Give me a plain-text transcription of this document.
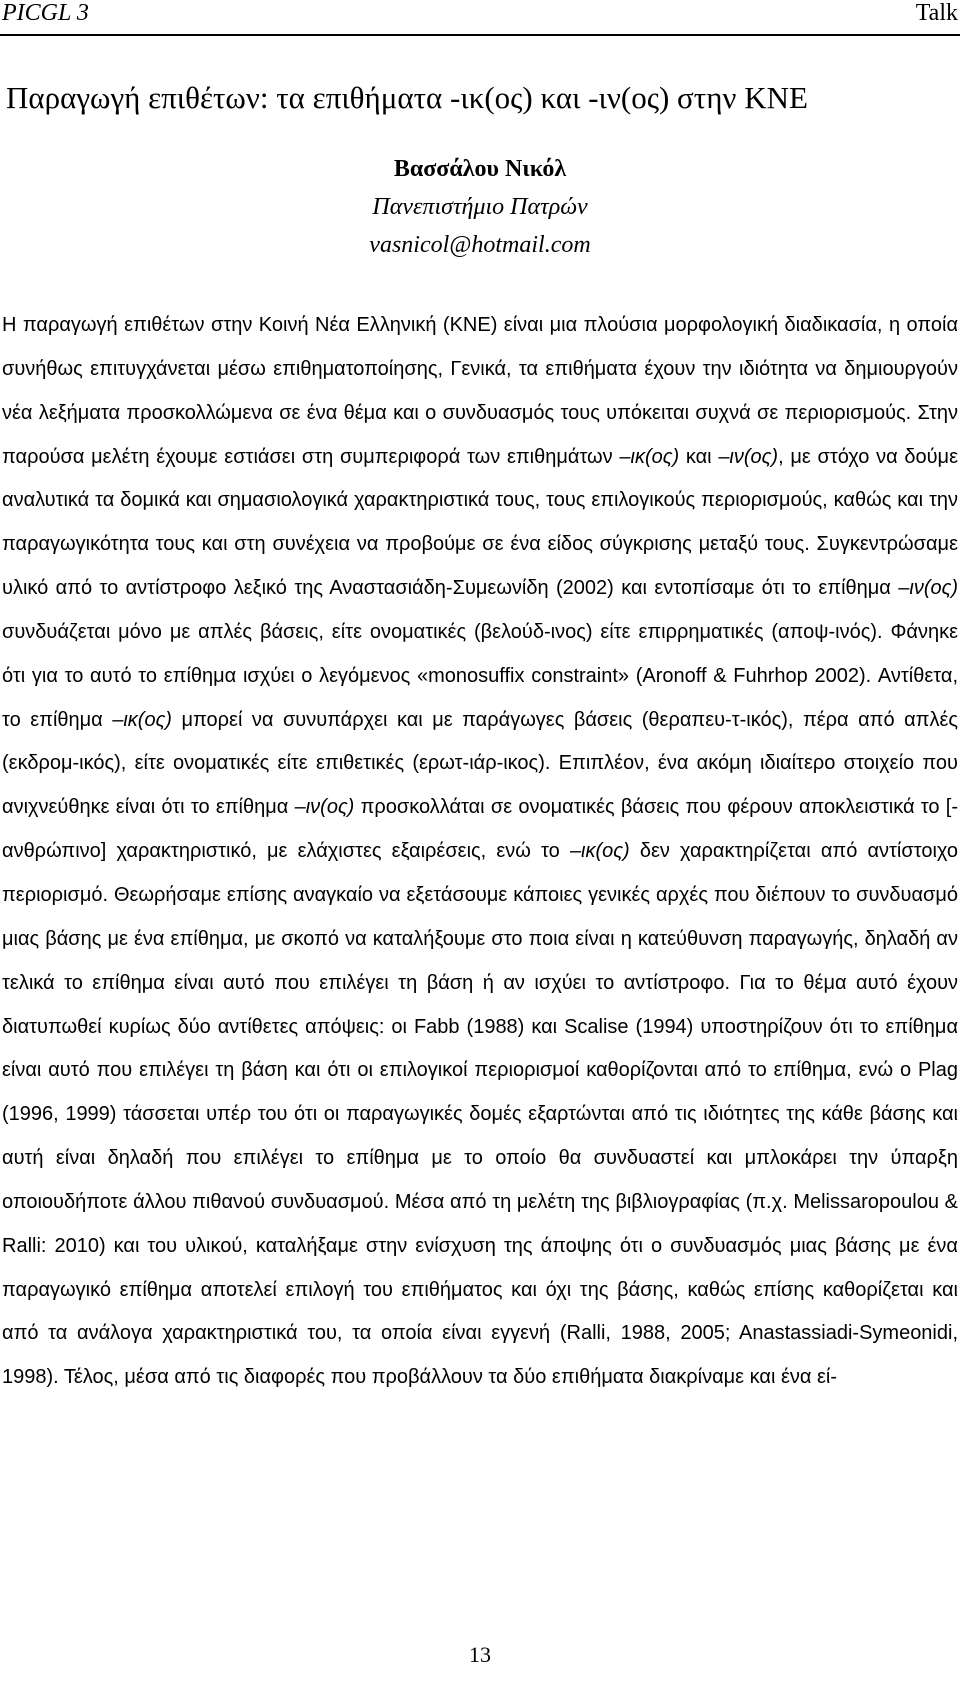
PICGL 3	Talk
Παραγωγή επιθέτων: τα επιθήματα -ικ(ος) και -ιν(ος) στην ΚΝΕ
Βασσάλου Νικόλ
Πανεπιστήμιο Πατρών
vasnicol@hotmail.com

Η παραγωγή επιθέτων στην Κοινή Νέα Ελληνική (ΚΝΕ) είναι μια πλούσια μορφολογική διαδικασία, η οποία συνήθως επιτυγχάνεται μέσω επιθηματοποίησης, Γενικά, τα επιθήματα έχουν την ιδιότητα να δημιουργούν νέα λεξήματα προσκολλώμενα σε ένα θέμα και ο συνδυασμός τους υπόκειται συχνά σε περιορισμούς. Στην παρούσα μελέτη έχουμε εστιάσει στη συμπεριφορά των επιθημάτων –ικ(ος) και –ιν(ος), με στόχο να δούμε αναλυτικά τα δομικά και σημασιολογικά χαρακτηριστικά τους, τους επιλογικούς περιορισμούς, καθώς και την παραγωγικότητα τους και στη συνέχεια να προβούμε σε ένα είδος σύγκρισης μεταξύ τους. Συγκεντρώσαμε υλικό από το αντίστροφο λεξικό της Αναστασιάδη-Συμεωνίδη (2002) και εντοπίσαμε ότι το επίθημα –ιν(ος) συνδυάζεται μόνο με απλές βάσεις, είτε ονοματικές (βελούδ-ινος) είτε επιρρηματικές (αποψ-ινός). Φάνηκε ότι για το αυτό το επίθημα ισχύει ο λεγόμενος «monosuffix constraint» (Aronoff & Fuhrhop 2002). Αντίθετα, το επίθημα –ικ(ος) μπορεί να συνυπάρχει και με παράγωγες βάσεις (θεραπευ-τ-ικός), πέρα από απλές (εκδρομ-ικός), είτε ονοματικές είτε επιθετικές (ερωτ-ιάρ-ικος). Επιπλέον, ένα ακόμη ιδιαίτερο στοιχείο που ανιχνεύθηκε είναι ότι το επίθημα –ιν(ος) προσκολλάται σε ονοματικές βάσεις που φέρουν αποκλειστικά το [-ανθρώπινο] χαρακτηριστικό, με ελάχιστες εξαιρέσεις, ενώ το –ικ(ος) δεν χαρακτηρίζεται από αντίστοιχο περιορισμό. Θεωρήσαμε επίσης αναγκαίο να εξετάσουμε κάποιες γενικές αρχές που διέπουν το συνδυασμό μιας βάσης με ένα επίθημα, με σκοπό να καταλήξουμε στο ποια είναι η κατεύθυνση παραγωγής, δηλαδή αν τελικά το επίθημα είναι αυτό που επιλέγει τη βάση ή αν ισχύει το αντίστροφο. Για το θέμα αυτό έχουν διατυπωθεί κυρίως δύο αντίθετες απόψεις: οι Fabb (1988) και Scalise (1994) υποστηρίζουν ότι το επίθημα είναι αυτό που επιλέγει τη βάση και ότι οι επιλογικοί περιορισμοί καθορίζονται από το επίθημα, ενώ ο Plag (1996, 1999) τάσσεται υπέρ του ότι οι παραγωγικές δομές εξαρτώνται από τις ιδιότητες της κάθε βάσης και αυτή είναι δηλαδή που επιλέγει το επίθημα με το οποίο θα συνδυαστεί και μπλοκάρει την ύπαρξη οποιουδήποτε άλλου πιθανού συνδυασμού. Μέσα από τη μελέτη της βιβλιογραφίας (π.χ. Melissaropoulou & Ralli: 2010) και του υλικού, καταλήξαμε στην ενίσχυση της άποψης ότι ο συνδυασμός μιας βάσης με ένα παραγωγικό επίθημα αποτελεί επιλογή του επιθήματος και όχι της βάσης, καθώς επίσης καθορίζεται και από τα ανάλογα χαρακτηριστικά του, τα οποία είναι εγγενή (Ralli, 1988, 2005; Anastassiadi-Symeonidi, 1998). Τέλος, μέσα από τις διαφορές που προβάλλουν τα δύο επιθήματα διακρίναμε και ένα εί-

13
